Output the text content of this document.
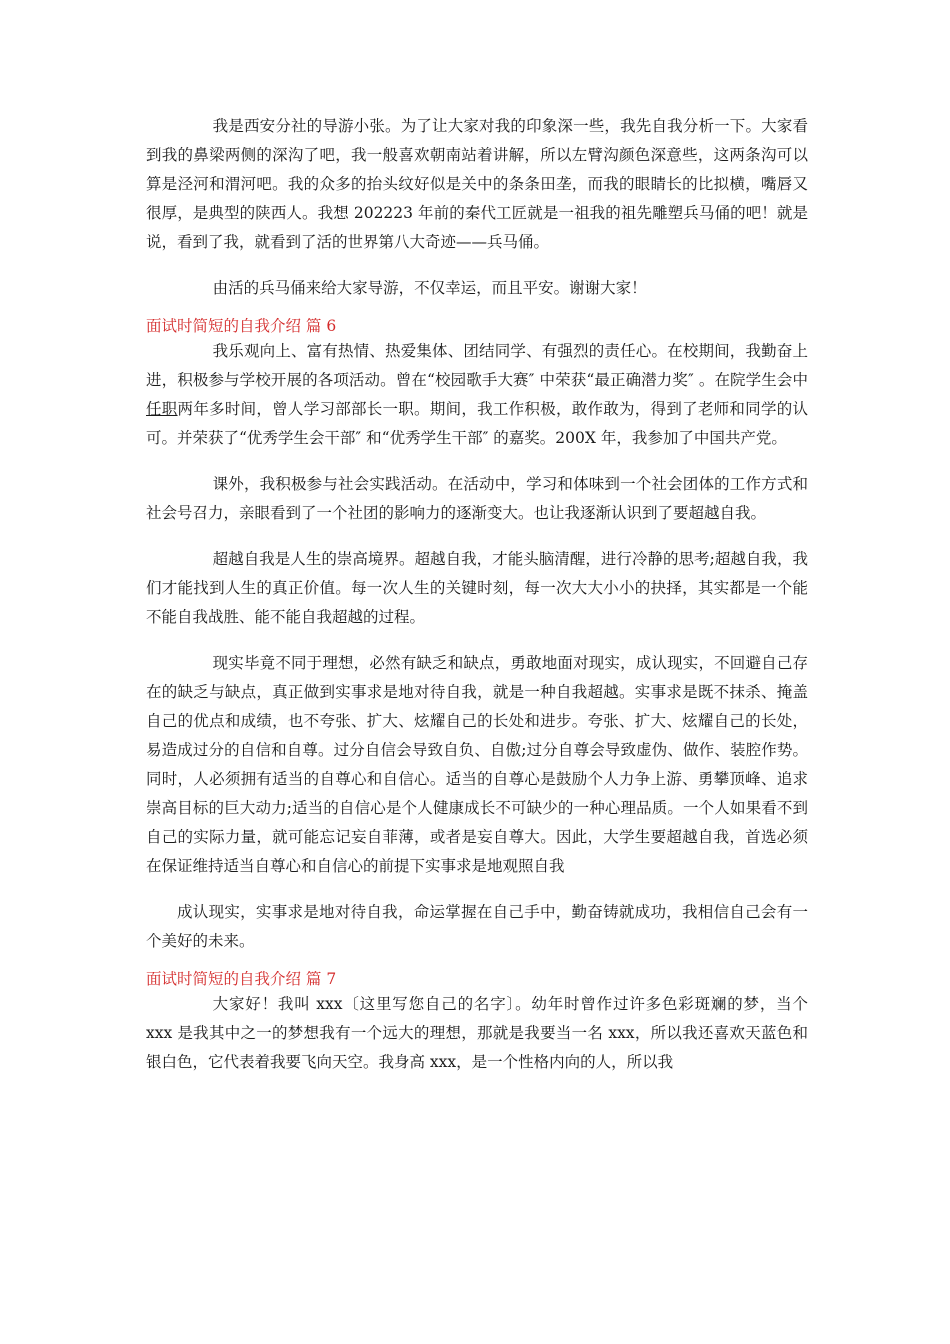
我是西安分社的导游小张。为了让大家对我的印象深一些，我先自我分析一下。大家看到我的鼻梁两侧的深沟了吧，我一般喜欢朝南站着讲解，所以左臂沟颜色深意些，这两条沟可以算是泾河和渭河吧。我的众多的抬头纹好似是关中的条条田垄，而我的眼睛长的比拟横，嘴唇又很厚，是典型的陕西人。我想 202223 年前的秦代工匠就是一祖我的祖先雕塑兵马俑的吧！就是说，看到了我，就看到了活的世界第八大奇迹——兵马俑。

由活的兵马俑来给大家导游，不仅幸运，而且平安。谢谢大家！

面试时简短的自我介绍 篇 6

我乐观向上、富有热情、热爱集体、团结同学、有强烈的责任心。在校期间，我勤奋上进，积极参与学校开展的各项活动。曾在“校园歌手大赛″ 中荣获“最正确潜力奖″ 。在院学生会中任职两年多时间，曾人学习部部长一职。期间，我工作积极，敢作敢为，得到了老师和同学的认可。并荣获了“优秀学生会干部″ 和“优秀学生干部″ 的嘉奖。200X 年，我参加了中国共产党。

课外，我积极参与社会实践活动。在活动中，学习和体味到一个社会团体的工作方式和社会号召力，亲眼看到了一个社团的影响力的逐渐变大。也让我逐渐认识到了要超越自我。

超越自我是人生的崇高境界。超越自我，才能头脑清醒，进行冷静的思考;超越自我，我们才能找到人生的真正价值。每一次人生的关键时刻，每一次大大小小的抉择，其实都是一个能不能自我战胜、能不能自我超越的过程。

现实毕竟不同于理想，必然有缺乏和缺点，勇敢地面对现实，成认现实，不回避自己存在的缺乏与缺点，真正做到实事求是地对待自我，就是一种自我超越。实事求是既不抹杀、掩盖自己的优点和成绩，也不夸张、扩大、炫耀自己的长处和进步。夸张、扩大、炫耀自己的长处，易造成过分的自信和自尊。过分自信会导致自负、自傲;过分自尊会导致虚伪、做作、装腔作势。同时，人必须拥有适当的自尊心和自信心。适当的自尊心是鼓励个人力争上游、勇攀顶峰、追求崇高目标的巨大动力;适当的自信心是个人健康成长不可缺少的一种心理品质。一个人如果看不到自己的实际力量，就可能忘记妄自菲薄，或者是妄自尊大。因此，大学生要超越自我，首选必须在保证维持适当自尊心和自信心的前提下实事求是地观照自我

成认现实，实事求是地对待自我，命运掌握在自己手中，勤奋铸就成功，我相信自己会有一个美好的未来。

面试时简短的自我介绍 篇 7

大家好！我叫 xxx〔这里写您自己的名字〕。幼年时曾作过许多色彩斑斓的梦，当个 xxx 是我其中之一的梦想我有一个远大的理想，那就是我要当一名 xxx，所以我还喜欢天蓝色和银白色，它代表着我要飞向天空。我身高 xxx，是一个性格内向的人，所以我
